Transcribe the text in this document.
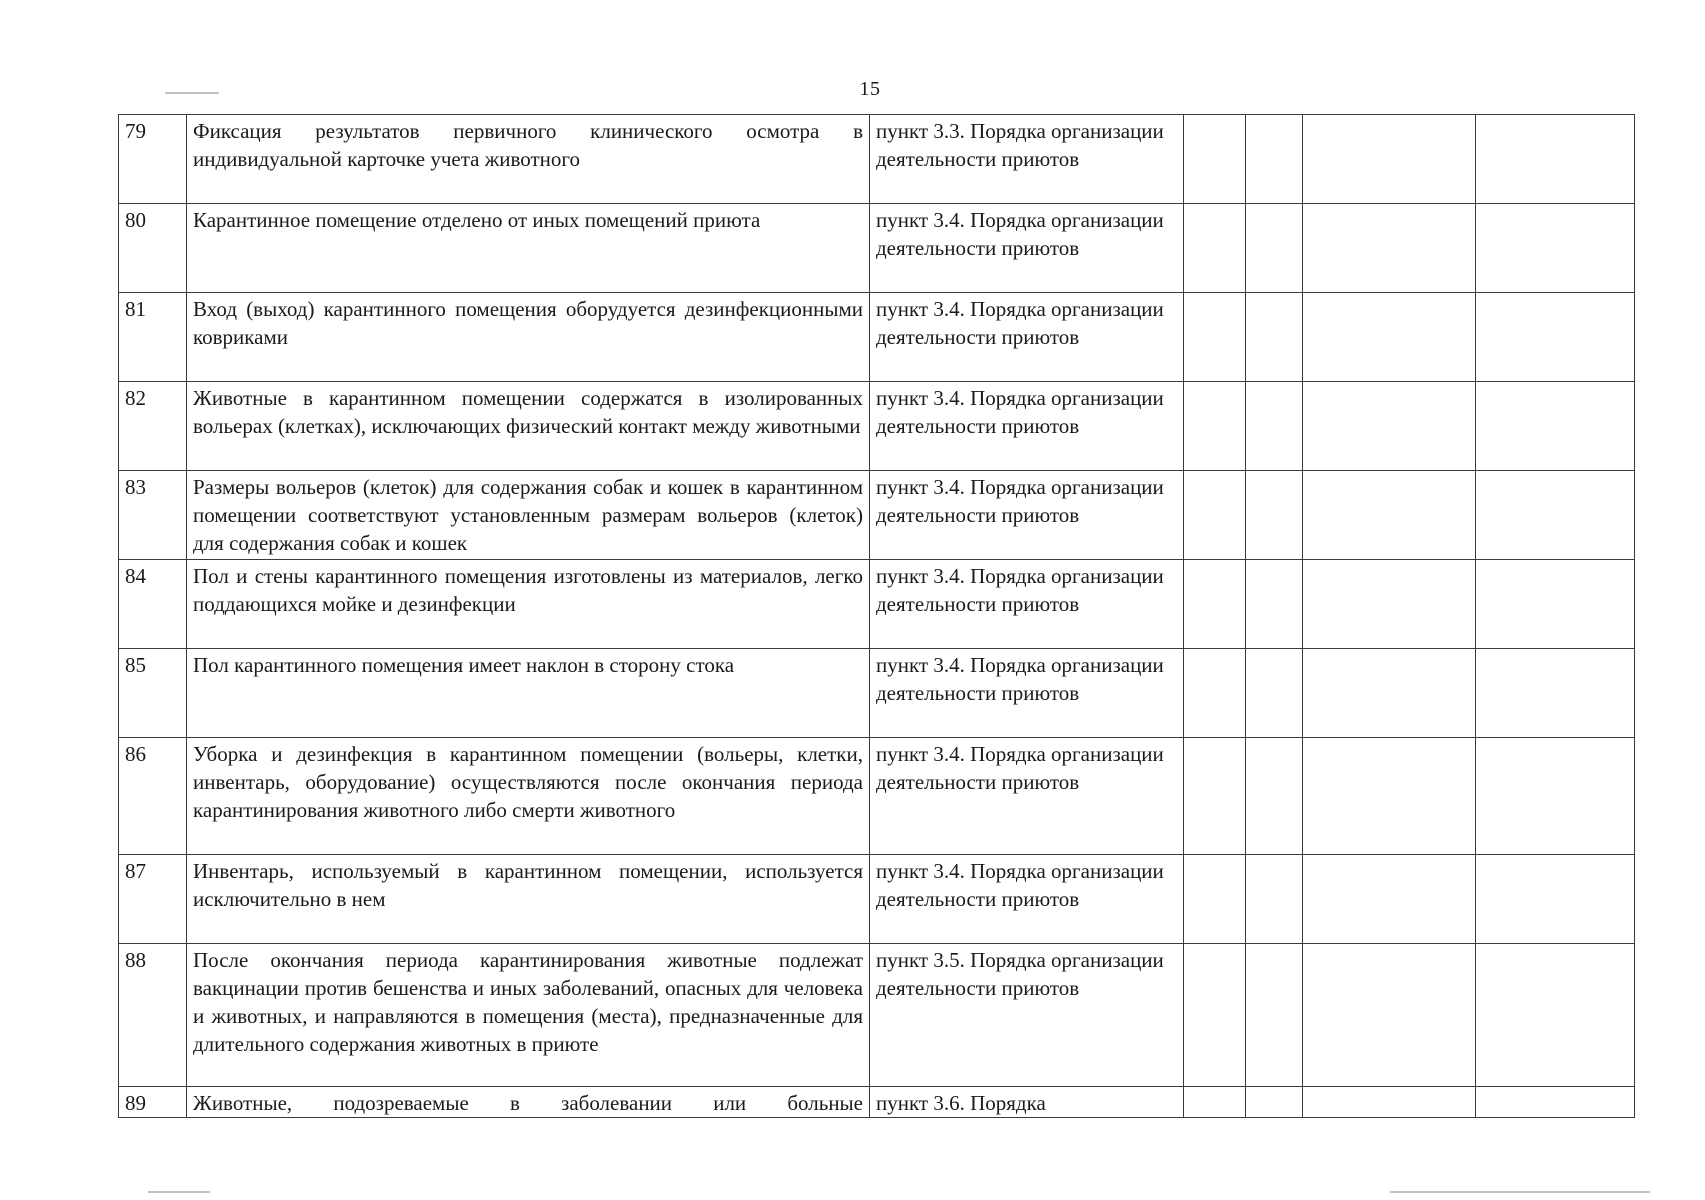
15
79	Фиксация результатов первичного клинического осмотра в индивидуальной карточке учета животного	пункт 3.3. Порядка организации деятельности приютов				
80	Карантинное помещение отделено от иных помещений приюта	пункт 3.4. Порядка организации деятельности приютов				
81	Вход (выход) карантинного помещения оборудуется дезинфекционными ковриками	пункт 3.4. Порядка организации деятельности приютов				
82	Животные в карантинном помещении содержатся в изолированных вольерах (клетках), исключающих физический контакт между животными	пункт 3.4. Порядка организации деятельности приютов				
83	Размеры вольеров (клеток) для содержания собак и кошек в карантинном помещении соответствуют установленным размерам вольеров (клеток) для содержания собак и кошек	пункт 3.4. Порядка организации деятельности приютов				
84	Пол и стены карантинного помещения изготовлены из материалов, легко поддающихся мойке и дезинфекции	пункт 3.4. Порядка организации деятельности приютов				
85	Пол карантинного помещения имеет наклон в сторону стока	пункт 3.4. Порядка организации деятельности приютов				
86	Уборка и дезинфекция в карантинном помещении (вольеры, клетки, инвентарь, оборудование) осуществляются после окончания периода карантинирования животного либо смерти животного	пункт 3.4. Порядка организации деятельности приютов				
87	Инвентарь, используемый в карантинном помещении, используется исключительно в нем	пункт 3.4. Порядка организации деятельности приютов				
88	После окончания периода карантинирования животные подлежат вакцинации против бешенства и иных заболеваний, опасных для человека и животных, и направляются в помещения (места), предназначенные для длительного содержания животных в приюте	пункт 3.5. Порядка организации деятельности приютов				
89	Животные, подозреваемые в заболевании или больные	пункт 3.6. Порядка				
